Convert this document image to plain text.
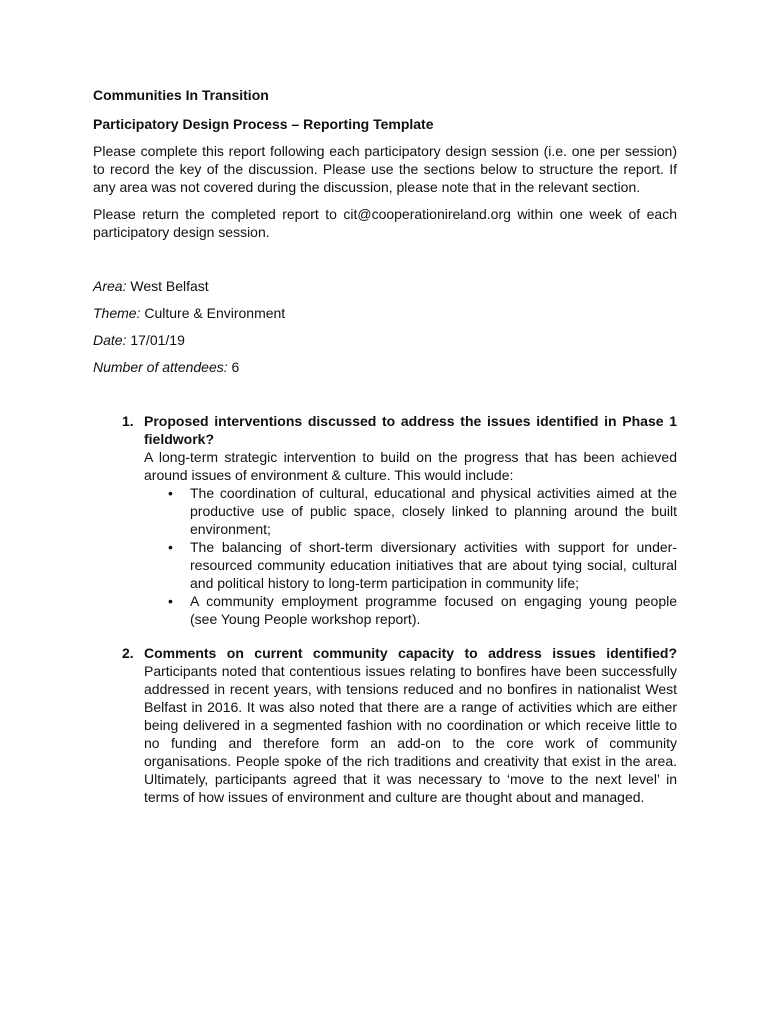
Communities In Transition
Participatory Design Process – Reporting Template

Please complete this report following each participatory design session (i.e. one per session) to record the key of the discussion. Please use the sections below to structure the report. If any area was not covered during the discussion, please note that in the relevant section.

Please return the completed report to cit@cooperationireland.org within one week of each participatory design session.

Area: West Belfast
Theme: Culture & Environment
Date: 17/01/19
Number of attendees: 6
1. Proposed interventions discussed to address the issues identified in Phase 1 fieldwork?
A long-term strategic intervention to build on the progress that has been achieved around issues of environment & culture. This would include:
• The coordination of cultural, educational and physical activities aimed at the productive use of public space, closely linked to planning around the built environment;
• The balancing of short-term diversionary activities with support for under-resourced community education initiatives that are about tying social, cultural and political history to long-term participation in community life;
• A community employment programme focused on engaging young people (see Young People workshop report).
2. Comments on current community capacity to address issues identified?
Participants noted that contentious issues relating to bonfires have been successfully addressed in recent years, with tensions reduced and no bonfires in nationalist West Belfast in 2016. It was also noted that there are a range of activities which are either being delivered in a segmented fashion with no coordination or which receive little to no funding and therefore form an add-on to the core work of community organisations. People spoke of the rich traditions and creativity that exist in the area. Ultimately, participants agreed that it was necessary to ‘move to the next level’ in terms of how issues of environment and culture are thought about and managed.
